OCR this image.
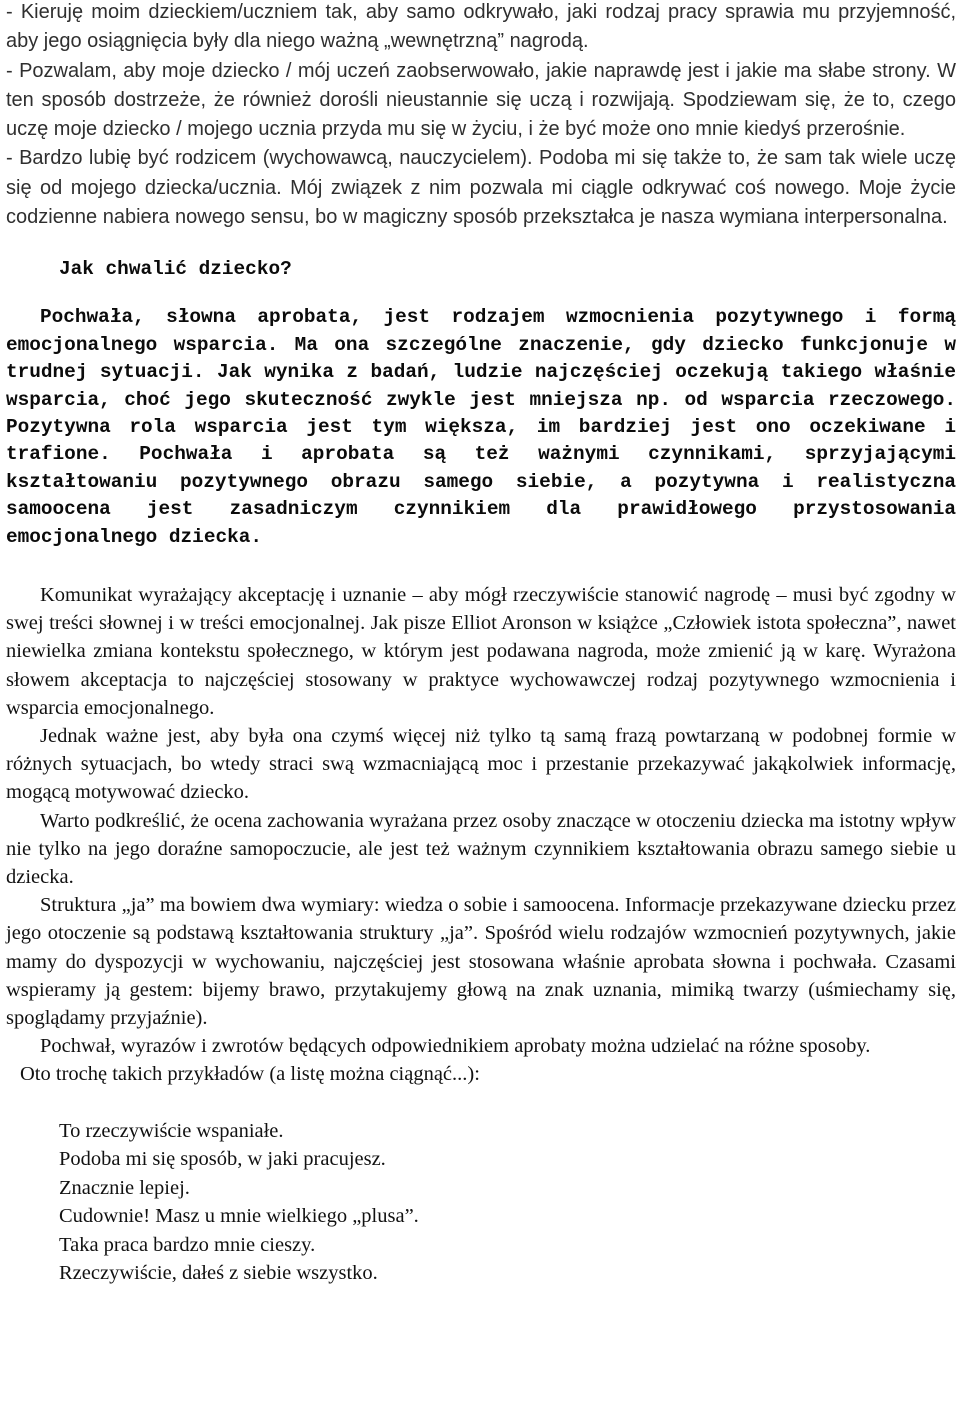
- Kieruję moim dzieckiem/uczniem tak, aby samo odkrywało, jaki rodzaj pracy sprawia mu przyjemność, aby jego osiągnięcia były dla niego ważną „wewnętrzną” nagrodą.

- Pozwalam, aby moje dziecko / mój uczeń zaobserwowało, jakie naprawdę jest i jakie ma słabe strony. W ten sposób dostrzeże, że również dorośli nieustannie się uczą i rozwijają. Spodziewam się, że to, czego uczę moje dziecko / mojego ucznia przyda mu się w życiu, i że być może ono mnie kiedyś przerośnie.

- Bardzo lubię być rodzicem (wychowawcą, nauczycielem). Podoba mi się także to, że sam tak wiele uczę się od mojego dziecka/ucznia. Mój związek z nim pozwala mi ciągle odkrywać coś nowego. Moje życie codzienne nabiera nowego sensu, bo w magiczny sposób przekształca je nasza wymiana interpersonalna.

Jak chwalić dziecko?

Pochwała, słowna aprobata, jest rodzajem wzmocnienia pozytywnego i formą emocjonalnego wsparcia. Ma ona szczególne znaczenie, gdy dziecko funkcjonuje w trudnej sytuacji. Jak wynika z badań, ludzie najczęściej oczekują takiego właśnie wsparcia, choć jego skuteczność zwykle jest mniejsza np. od wsparcia rzeczowego. Pozytywna rola wsparcia jest tym większa, im bardziej jest ono oczekiwane i trafione. Pochwała i aprobata są też ważnymi czynnikami, sprzyjającymi kształtowaniu pozytywnego obrazu samego siebie, a pozytywna i realistyczna samoocena jest zasadniczym czynnikiem dla prawidłowego przystosowania emocjonalnego dziecka.

Komunikat wyrażający akceptację i uznanie – aby mógł rzeczywiście stanowić nagrodę – musi być zgodny w swej treści słownej i w treści emocjonalnej. Jak pisze Elliot Aronson w książce „Człowiek istota społeczna”, nawet niewielka zmiana kontekstu społecznego, w którym jest podawana nagroda, może zmienić ją w karę. Wyrażona słowem akceptacja to najczęściej stosowany w praktyce wychowawczej rodzaj pozytywnego wzmocnienia i wsparcia emocjonalnego.

Jednak ważne jest, aby była ona czymś więcej niż tylko tą samą frazą powtarzaną w podobnej formie w różnych sytuacjach, bo wtedy straci swą wzmacniającą moc i przestanie przekazywać jakąkolwiek informację, mogącą motywować dziecko.

Warto podkreślić, że ocena zachowania wyrażana przez osoby znaczące w otoczeniu dziecka ma istotny wpływ nie tylko na jego doraźne samopoczucie, ale jest też ważnym czynnikiem kształtowania obrazu samego siebie u dziecka.

Struktura „ja” ma bowiem dwa wymiary: wiedza o sobie i samoocena. Informacje przekazywane dziecku przez jego otoczenie są podstawą kształtowania struktury „ja”. Spośród wielu rodzajów wzmocnień pozytywnych, jakie mamy do dyspozycji w wychowaniu, najczęściej jest stosowana właśnie aprobata słowna i pochwała. Czasami wspieramy ją gestem: bijemy brawo, przytakujemy głową na znak uznania, mimiką twarzy (uśmiechamy się, spoglądamy przyjaźnie).

Pochwał, wyrazów i zwrotów będących odpowiednikiem aprobaty można udzielać na różne sposoby.

Oto trochę takich przykładów (a listę można ciągnąć...):

To rzeczywiście wspaniałe.
Podoba mi się sposób, w jaki pracujesz.
Znacznie lepiej.
Cudownie! Masz u mnie wielkiego „plusa”.
Taka praca bardzo mnie cieszy.
Rzeczywiście, dałeś z siebie wszystko.
